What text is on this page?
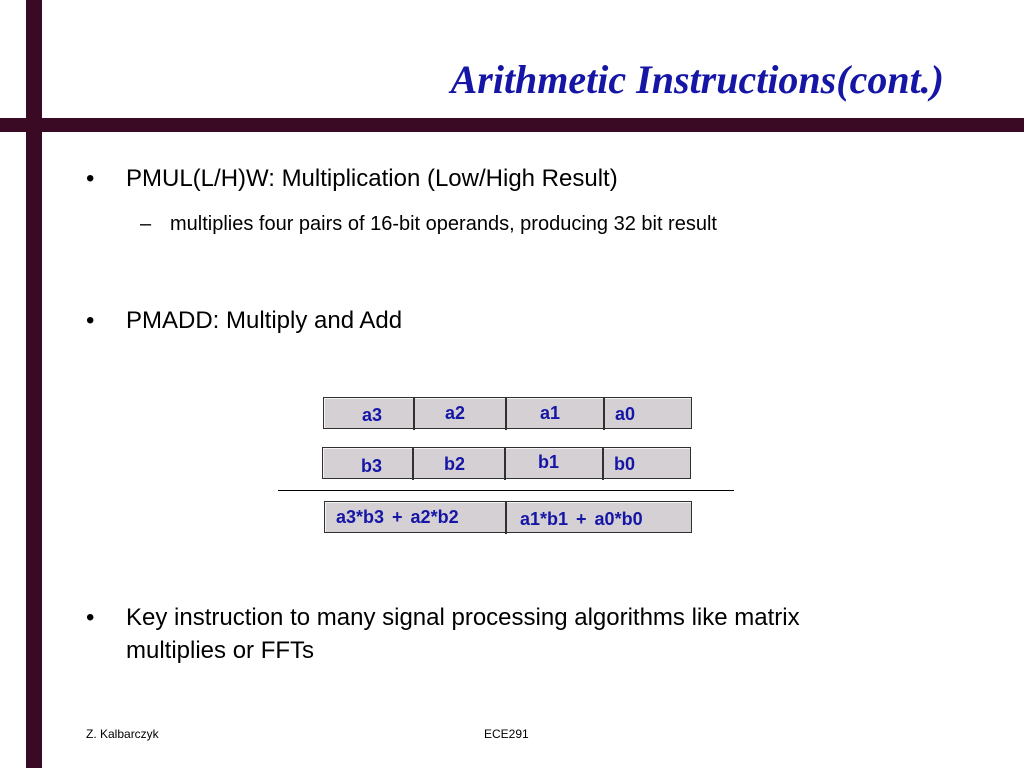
Arithmetic Instructions(cont.)
• PMUL(L/H)W: Multiplication (Low/High Result)
– multiplies four pairs of 16-bit operands, producing 32 bit result
• PMADD: Multiply and Add
a3	a2	a1	a0
b3	b2	b1	b0
a3*b3 + a2*b2	a1*b1 + a0*b0
• Key instruction to many signal processing algorithms like matrix
multiplies or FFTs
Z. Kalbarczyk	ECE291
